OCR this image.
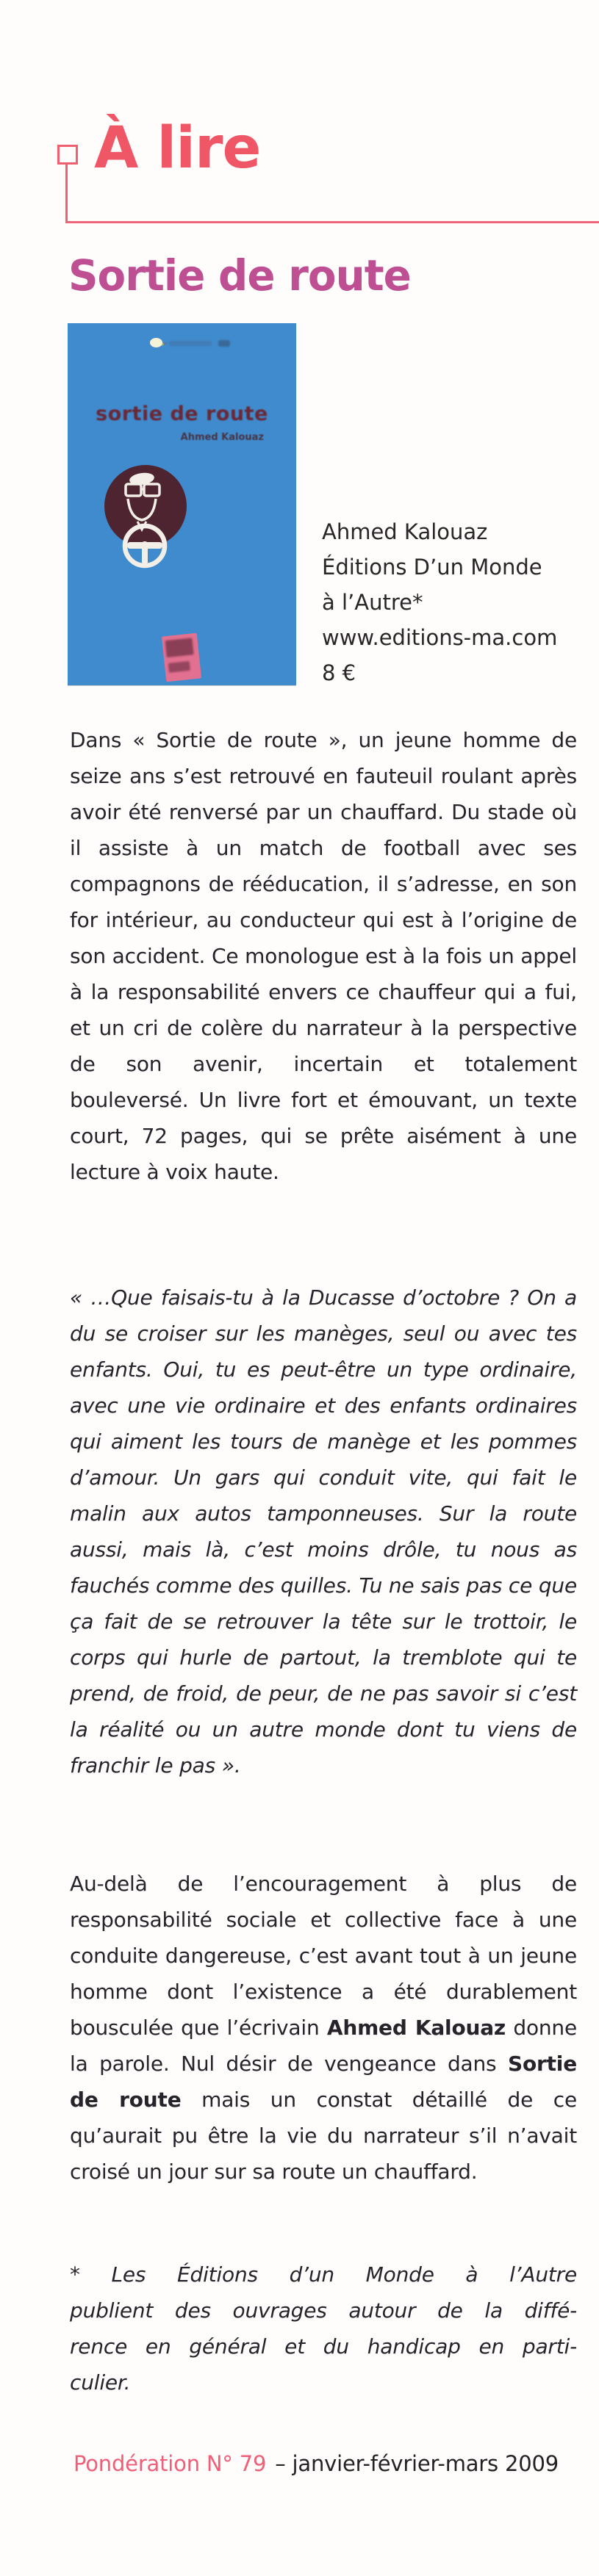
À lire
Sortie de route
sortie de route
Ahmed Kalouaz
Ahmed Kalouaz
Éditions D’un Monde
à l’Autre*
www.editions-ma.com
8 €

Dans « Sortie de route », un jeune homme de seize ans s’est retrouvé en fauteuil roulant après avoir été renversé par un chauffard. Du stade où il assiste à un match de football avec ses compagnons de rééducation, il s’adresse, en son for intérieur, au conducteur qui est à l’origine de son accident. Ce monologue est à la fois un appel à la responsabilité envers ce chauffeur qui a fui, et un cri de colère du narrateur à la perspective de son avenir, incertain et totalement bouleversé. Un livre fort et émouvant, un texte court, 72 pages, qui se prête aisément à une lecture à voix haute.

« …Que faisais-tu à la Ducasse d’octobre ? On a du se croiser sur les manèges, seul ou avec tes enfants. Oui, tu es peut-être un type ordinaire, avec une vie ordinaire et des enfants ordinaires qui aiment les tours de manège et les pommes d’amour. Un gars qui conduit vite, qui fait le malin aux autos tamponneuses. Sur la route aussi, mais là, c’est moins drôle, tu nous as fauchés comme des quilles. Tu ne sais pas ce que ça fait de se retrouver la tête sur le trottoir, le corps qui hurle de partout, la tremblote qui te prend, de froid, de peur, de ne pas savoir si c’est la réalité ou un autre monde dont tu viens de franchir le pas ».

Au-delà de l’encouragement à plus de responsabilité sociale et collective face à une conduite dangereuse, c’est avant tout à un jeune homme dont l’existence a été durablement bousculée que l’écrivain Ahmed Kalouaz donne la parole. Nul désir de vengeance dans Sortie de route mais un constat détaillé de ce qu’aurait pu être la vie du narrateur s’il n’avait croisé un jour sur sa route un chauffard.

* Les Éditions d’un Monde à l’Autre
publient des ouvrages autour de la diffé-
rence en général et du handicap en parti-
culier.

Pondération N° 79 – janvier-février-mars 2009
